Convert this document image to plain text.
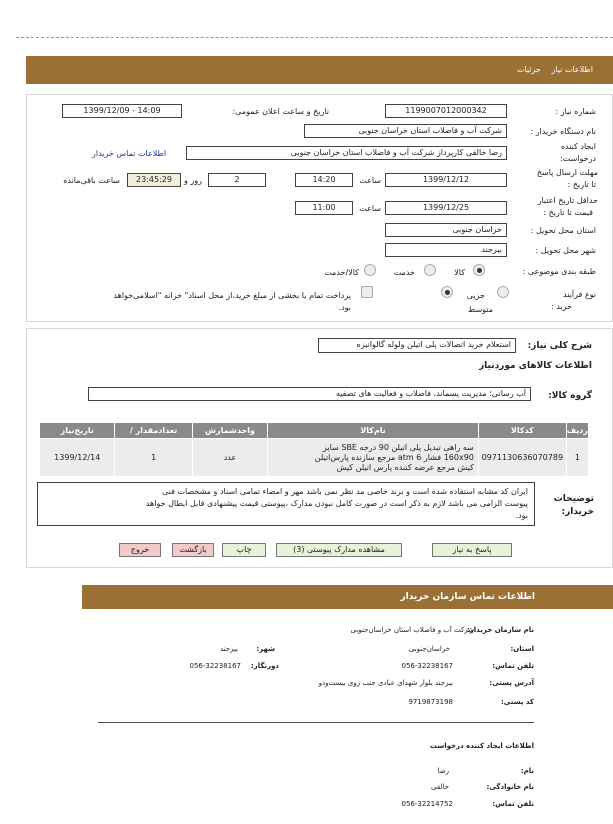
اطلاعات نیاز جزئیات
شماره نیاز :
1199007012000342
تاریخ و ساعت اعلان عمومی:
1399/12/09 - 14:09
نام دستگاه خریدار :
شرکت آب و فاضلاب استان خراسان جنوبی
ایجاد کننده
درخواست:
رضا خالقی کارپرداز شرکت آب و فاضلاب استان خراسان جنوبی
اطلاعات تماس خریدار
مهلت ارسال پاسخ
تا تاریخ :
1399/12/12
ساعت
14:20
2
روز و
23:45:29
ساعت باقی‌مانده
حداقل تاریخ اعتبار
قیمت تا تاریخ :
1399/12/25
ساعت
11:00
استان محل تحویل :
خراسان جنوبی
شهر محل تحویل :
بیرجند
طبقه بندی موضوعی :
کالا
خدمت
کالا/خدمت
نوع فرآیند
خرید :
جزیی
متوسط
پرداخت تمام یا بخشی از مبلغ خرید،از محل اسناد" خزانه "اسلامی‌خواهد
بود.
شرح کلی نیاز:
استعلام خرید اتصالات پلی اتیلن ولوله گالوانیزه
اطلاعات کالاهای موردنیاز
گروه کالا:
آب رسانی؛ مدیریت پسماند، فاضلاب و فعالیت های تصفیه
ردیف	کدکالا	نام‌کالا	واحدشمارش	تعدادمقدار /	تاریخ‌نیاز
1	0971130636070789	سه راهی تبدیل پلی اتیلن 90 درجه SBE سایز
160x90 فشار 6 atm مرجع سازنده پارس‌اتیلن
کیش مرجع عرضه کننده پارس اتیلن کیش	عدد	1	1399/12/14
توضیحات
خریدار:
ایران کد مشابه استفاده شده است و برند خاصی مد نظر نمی باشد مهر و امضاء تمامی اسناد و مشخصات فنی
پیوست الزامی می باشد لازم به ذکر است در صورت کامل نبودن مدارک ،پیوستی قیمت پیشنهادی قابل ابطال خواهد
بود.
پاسخ به نیاز
مشاهده مدارک پیوستی (3)
چاپ
بازگشت
خروج
اطلاعات تماس سازمان خریدار
نام سازمان خریدار:
شرکت آب و فاضلاب استان خراسان‌جنوبی
استان:
خراسان‌جنوبی
شهر:
بیرجند
تلفن تماس:
056-32238167
دورنگار:
056-32238167
آدرس پستی:
بیرجند بلوار شهدای عبادی جنب روی بیست‌ودو
کد پستی:
9719873198
اطلاعات ایجاد کننده درخواست
نام:
رضا
نام خانوادگی:
خالقی
تلفن تماس:
056-32214752
